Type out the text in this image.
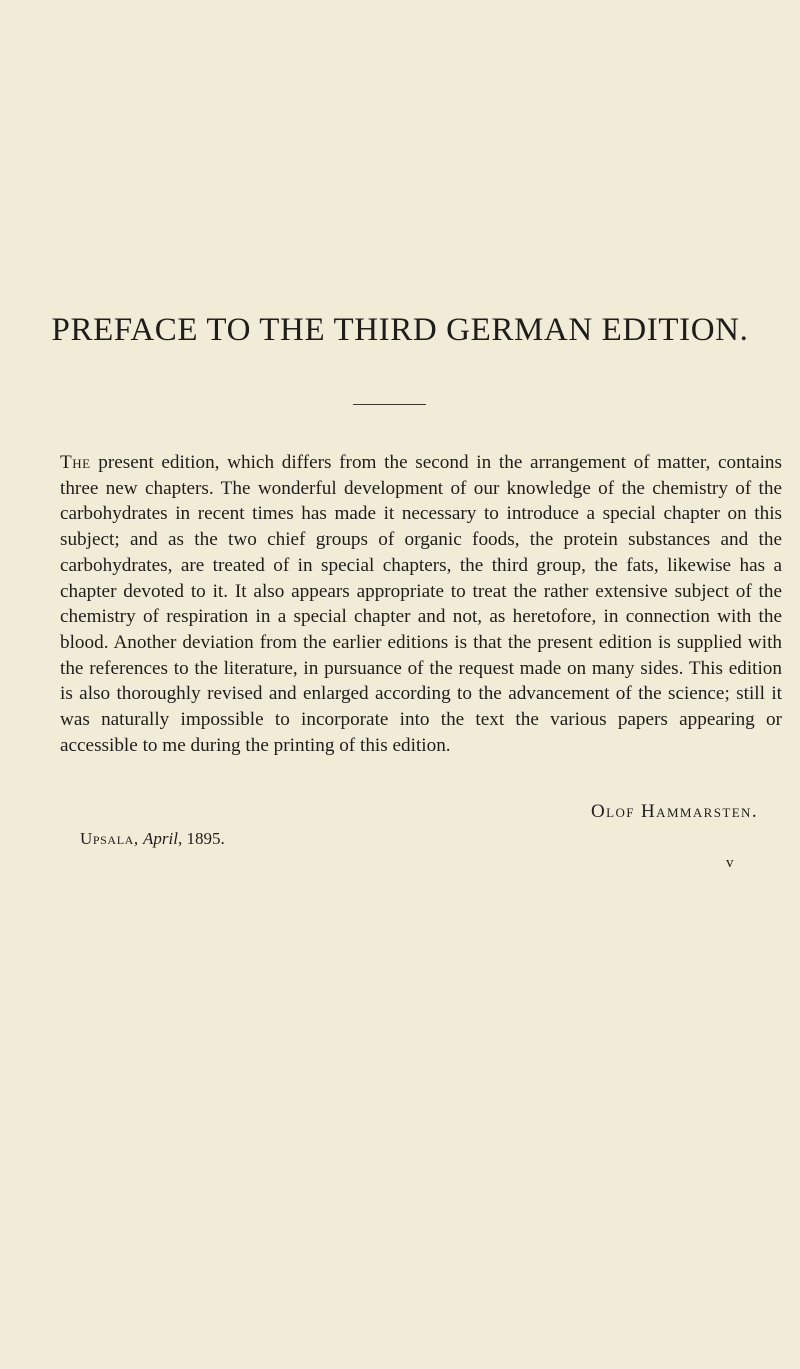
PREFACE TO THE THIRD GERMAN EDITION.

The present edition, which differs from the second in the arrangement of matter, contains three new chapters. The wonderful development of our knowledge of the chemistry of the carbohydrates in recent times has made it necessary to introduce a special chapter on this subject; and as the two chief groups of organic foods, the protein substances and the carbohydrates, are treated of in special chapters, the third group, the fats, likewise has a chapter devoted to it. It also appears appropriate to treat the rather extensive subject of the chemistry of respiration in a special chapter and not, as heretofore, in connection with the blood. Another deviation from the earlier editions is that the present edition is supplied with the references to the literature, in pursuance of the request made on many sides. This edition is also thoroughly revised and enlarged according to the advancement of the science; still it was naturally impossible to incorporate into the text the various papers appearing or accessible to me during the printing of this edition.

Olof Hammarsten.
Upsala, April, 1895.
v
